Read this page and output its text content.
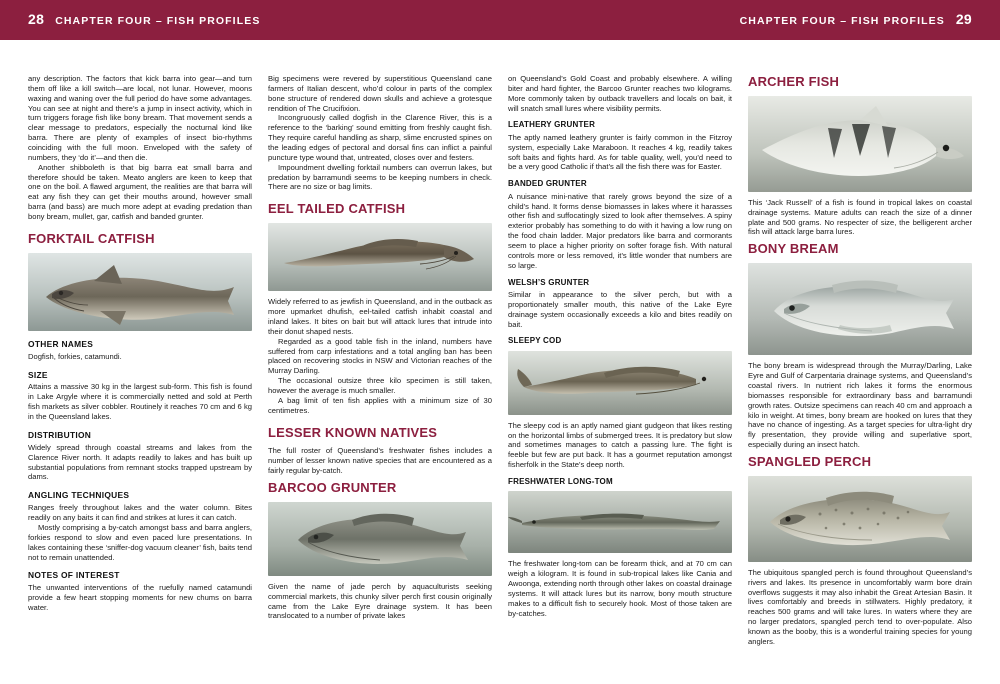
28 CHAPTER FOUR – FISH PROFILES	CHAPTER FOUR – FISH PROFILES 29

any description. The factors that kick barra into gear—and turn them off like a kill switch—are local, not lunar. However, moons waxing and waning over the full period do have some advantages. You can see at night and there’s a jump in insect activity, which in turn triggers forage fish like bony bream. That movement sends a clear message to predators, especially the nocturnal kind like barra. There are plenty of examples of insect bio-rhythms coinciding with the full moon. Enveloped with the safety of numbers, they ‘do it’—and then die.

Another shibboleth is that big barra eat small barra and therefore should be taken. Meato anglers are keen to keep that one on the boil. A flawed argument, the realities are that barra will eat any fish they can get their mouths around, however small barra (and bass) are much more adept at evading predation than bony bream, mullet, gar, catfish and banded grunter.

FORKTAIL CATFISH
OTHER NAMES

Dogfish, forkies, catamundi.

SIZE

Attains a massive 30 kg in the largest sub-form. This fish is found in Lake Argyle where it is commercially netted and sold at Perth fish markets as silver cobbler. Routinely it reaches 70 cm and 6 kg in the Queensland lakes.

DISTRIBUTION

Widely spread through coastal streams and lakes from the Clarence River north. It adapts readily to lakes and has built up substantial populations from remnant stocks trapped upstream by dams.

ANGLING TECHNIQUES

Ranges freely throughout lakes and the water column. Bites readily on any baits it can find and strikes at lures it can catch.

Mostly comprising a by-catch amongst bass and barra anglers, forkies respond to slow and even paced lure presentations. In lakes containing these ‘sniffer-dog vacuum cleaner’ fish, baits tend not to remain unattended.

NOTES OF INTEREST

The unwanted interventions of the ruefully named catamundi provide a few heart stopping moments for new chums on barra water.

Big specimens were revered by superstitious Queensland cane farmers of Italian descent, who’d colour in parts of the complex bone structure of rendered down skulls and achieve a grotesque rendition of The Crucifixion.

Incongruously called dogfish in the Clarence River, this is a reference to the ‘barking’ sound emitting from freshly caught fish. They require careful handling as sharp, slime encrusted spines on the leading edges of pectoral and dorsal fins can inflict a painful puncture type wound that, untreated, closes over and festers.

Impoundment dwelling forktail numbers can overrun lakes, but predation by barramundi seems to be keeping numbers in check. There are no size or bag limits.

EEL TAILED CATFISH

Widely referred to as jewfish in Queensland, and in the outback as more upmarket dhufish, eel-tailed catfish inhabit coastal and inland lakes. It bites on bait but will attack lures that intrude into their donut shaped nests.

Regarded as a good table fish in the inland, numbers have suffered from carp infestations and a total angling ban has been placed on recovering stocks in NSW and Victorian reaches of the Murray Darling.

The occasional outsize three kilo specimen is still taken, however the average is much smaller.

A bag limit of ten fish applies with a minimum size of 30 centimetres.

LESSER KNOWN NATIVES

The full roster of Queensland’s freshwater fishes includes a number of lesser known native species that are encountered as a fairly regular by-catch.

BARCOO GRUNTER

Given the name of jade perch by aquaculturists seeking commercial markets, this chunky silver perch first cousin originally came from the Lake Eyre drainage system. It has been translocated to a number of private lakes

on Queensland’s Gold Coast and probably elsewhere. A willing biter and hard fighter, the Barcoo Grunter reaches two kilograms. More commonly taken by outback travellers and locals on bait, it will snatch small lures where visibility permits.

LEATHERY GRUNTER

The aptly named leathery grunter is fairly common in the Fitzroy system, especially Lake Maraboon. It reaches 4 kg, readily takes soft baits and fights hard. As for table quality, well, you’d need to be a very good Catholic if that’s all the fish there was for Easter.

BANDED GRUNTER

A nuisance mini-native that rarely grows beyond the size of a child’s hand. It forms dense biomasses in lakes where it harasses other fish and suffocatingly sized to look after themselves. A spiny exterior probably has something to do with it having a low rung on the food chain ladder. Major predators like barra and cormorants seem to place a higher priority on softer forage fish. With natural controls more or less removed, it’s little wonder that numbers are so large.

WELSH’S GRUNTER

Similar in appearance to the silver perch, but with a proportionately smaller mouth, this native of the Lake Eyre drainage system occasionally exceeds a kilo and bites readily on bait.

SLEEPY COD

The sleepy cod is an aptly named giant gudgeon that likes resting on the horizontal limbs of submerged trees. It is predatory but slow and sometimes manages to catch a passing lure. The fight is feeble but few are put back. It has a gourmet reputation amongst fisherfolk in the State’s deep north.

FRESHWATER LONG-TOM

The freshwater long-tom can be forearm thick, and at 70 cm can weigh a kilogram. It is found in sub-tropical lakes like Cania and Awoonga, extending north through other lakes on coastal drainage systems. It will attack lures but its narrow, bony mouth structure makes to a difficult fish to securely hook. Most of those taken are by-catches.

ARCHER FISH

This ‘Jack Russell’ of a fish is found in tropical lakes on coastal drainage systems. Mature adults can reach the size of a dinner plate and 500 grams. No respecter of size, the belligerent archer fish will attack large barra lures.

BONY BREAM

The bony bream is widespread through the Murray/Darling, Lake Eyre and Gulf of Carpentaria drainage systems, and Queensland’s coastal rivers. In nutrient rich lakes it forms the enormous biomasses responsible for extraordinary bass and barramundi growth rates. Outsize specimens can reach 40 cm and approach a kilo in weight. At times, bony bream are hooked on lures that they have no chance of ingesting. As a target species for ultra-light dry fly presentation, they provide willing and superlative sport, especially during an insect hatch.

SPANGLED PERCH

The ubiquitous spangled perch is found throughout Queensland’s rivers and lakes. Its presence in uncomfortably warm bore drain overflows suggests it may also inhabit the Great Artesian Basin. It lives comfortably and breeds in stillwaters. Highly predatory, it reaches 500 grams and will take lures. In waters where they are no larger predators, spangled perch tend to over-populate. Also known as the booby, this is a wonderful training species for young anglers.
